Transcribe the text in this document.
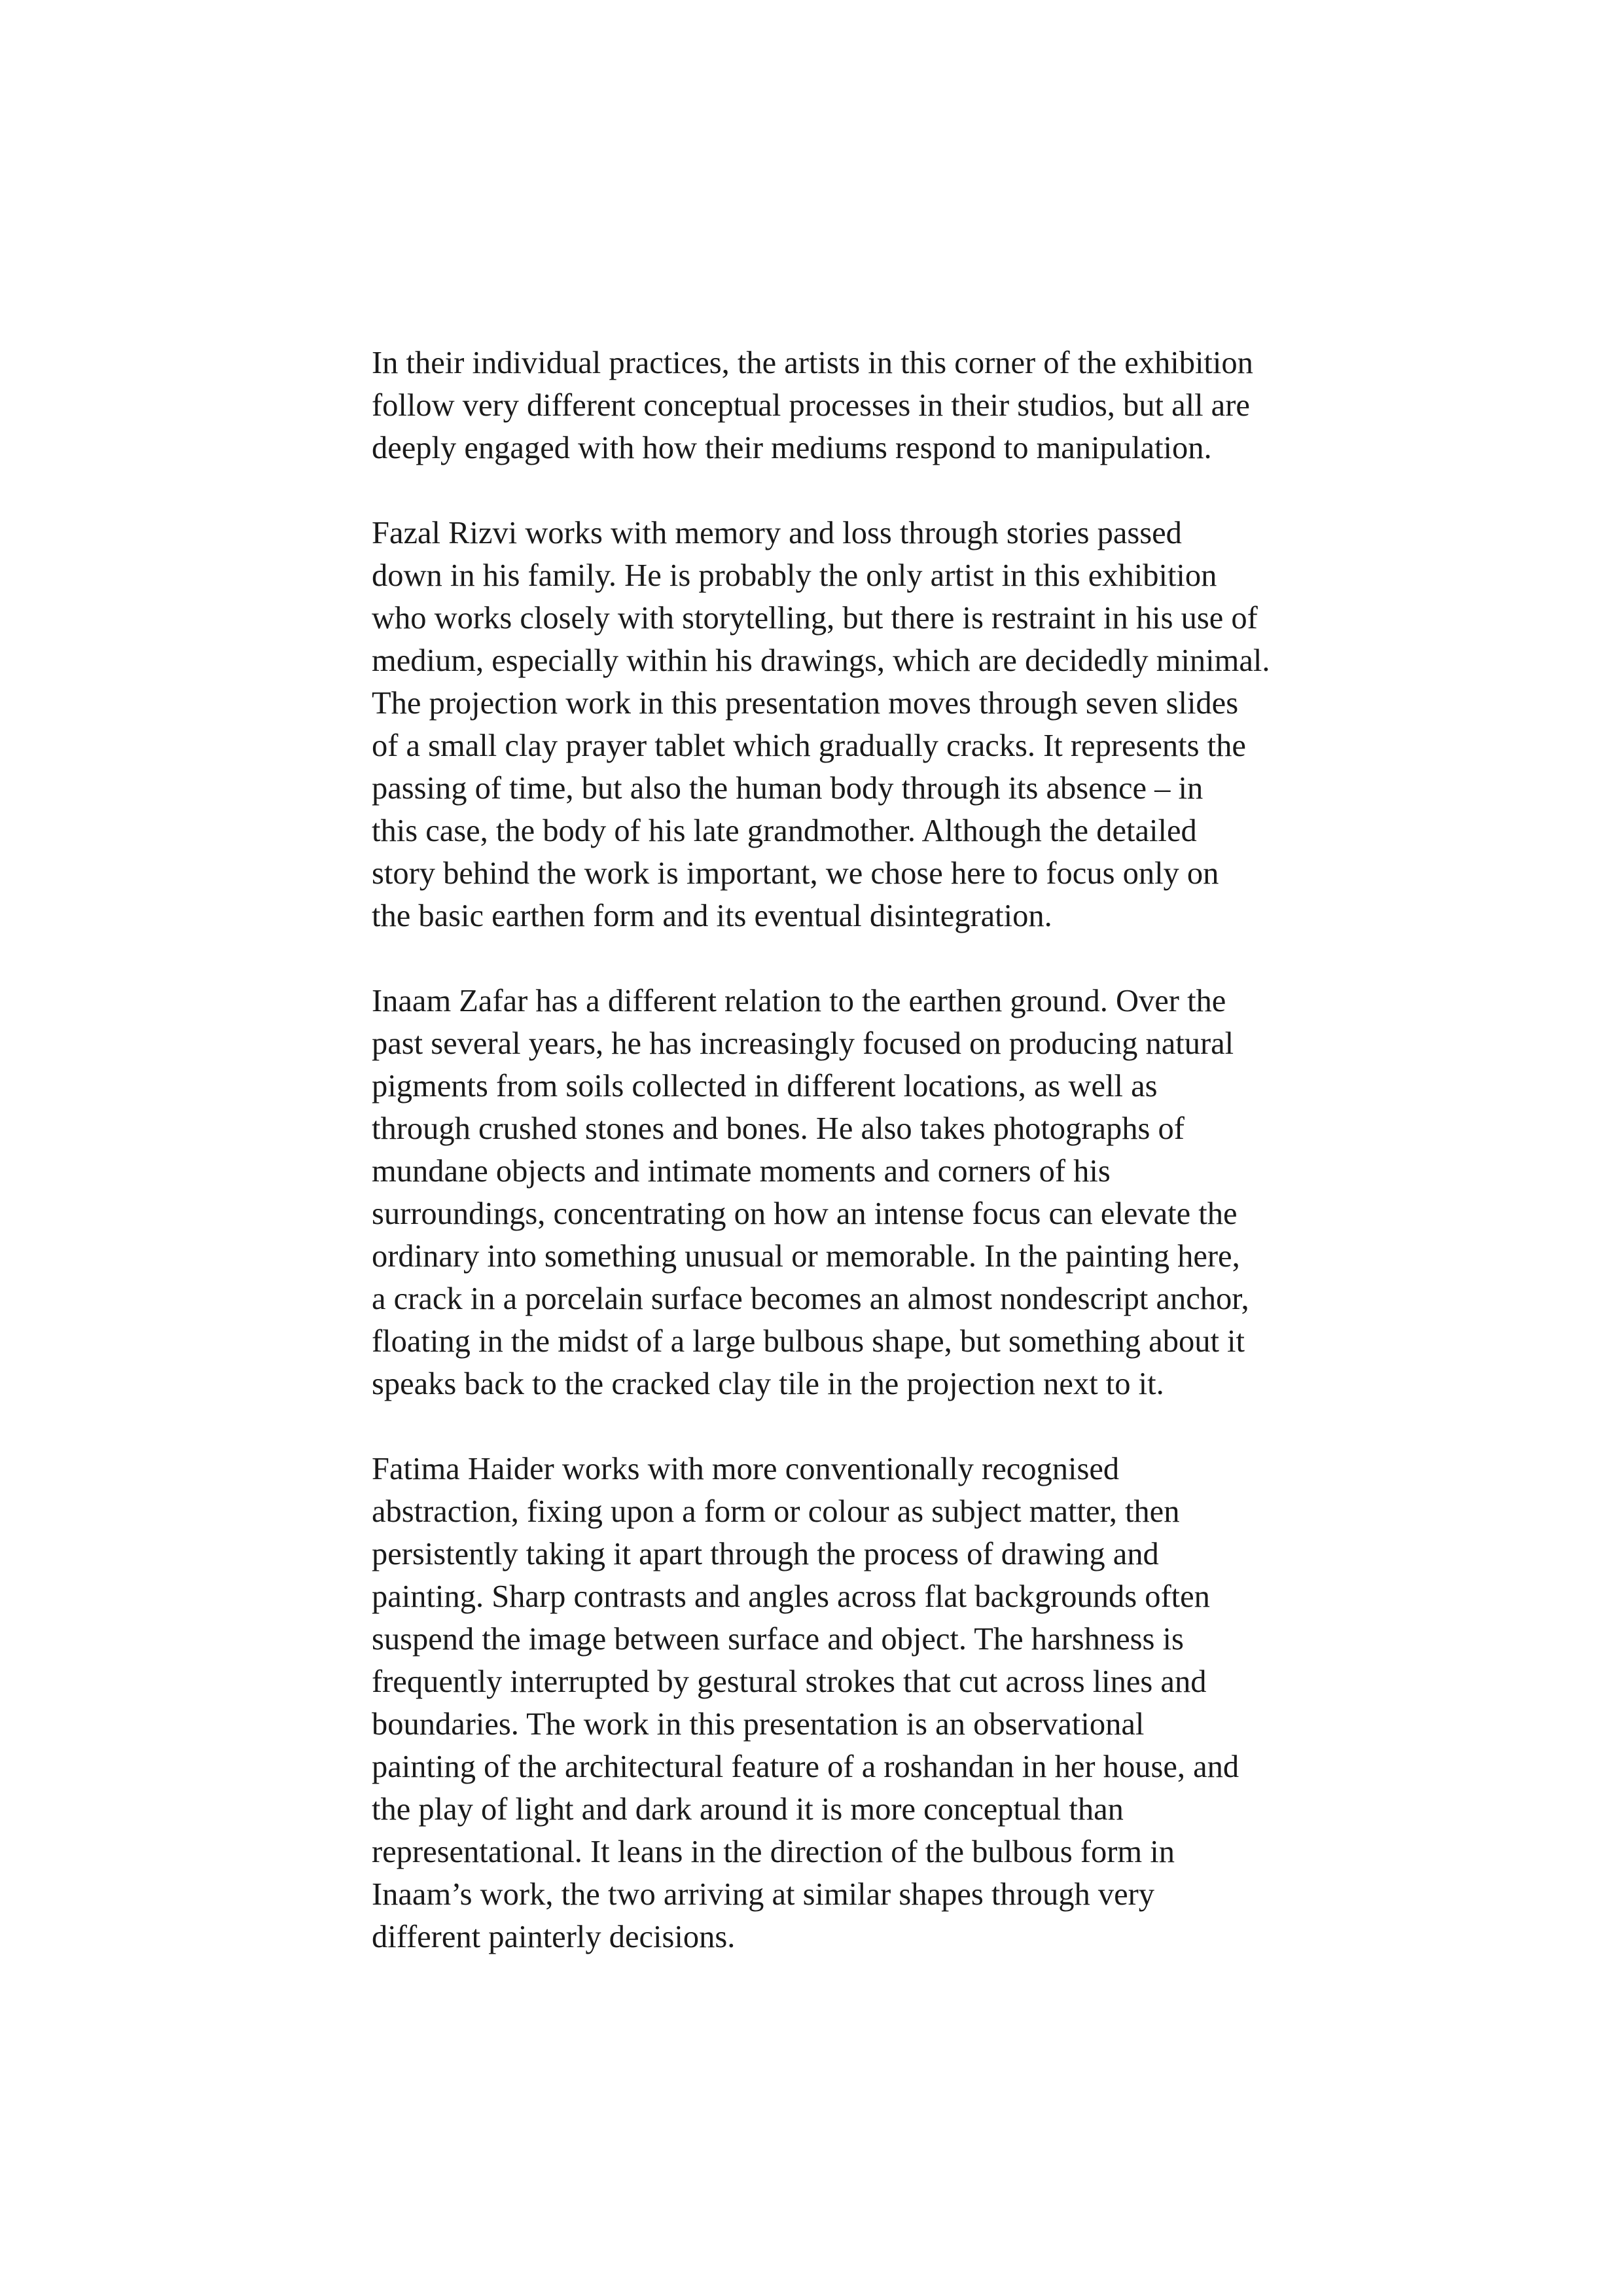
In their individual practices, the artists in this corner of the exhibition
follow very different conceptual processes in their studios, but all are
deeply engaged with how their mediums respond to manipulation.

Fazal Rizvi works with memory and loss through stories passed
down in his family. He is probably the only artist in this exhibition
who works closely with storytelling, but there is restraint in his use of
medium, especially within his drawings, which are decidedly minimal.
The projection work in this presentation moves through seven slides
of a small clay prayer tablet which gradually cracks. It represents the
passing of time, but also the human body through its absence – in
this case, the body of his late grandmother. Although the detailed
story behind the work is important, we chose here to focus only on
the basic earthen form and its eventual disintegration.

Inaam Zafar has a different relation to the earthen ground. Over the
past several years, he has increasingly focused on producing natural
pigments from soils collected in different locations, as well as
through crushed stones and bones. He also takes photographs of
mundane objects and intimate moments and corners of his
surroundings, concentrating on how an intense focus can elevate the
ordinary into something unusual or memorable. In the painting here,
a crack in a porcelain surface becomes an almost nondescript anchor,
floating in the midst of a large bulbous shape, but something about it
speaks back to the cracked clay tile in the projection next to it.

Fatima Haider works with more conventionally recognised
abstraction, fixing upon a form or colour as subject matter, then
persistently taking it apart through the process of drawing and
painting. Sharp contrasts and angles across flat backgrounds often
suspend the image between surface and object. The harshness is
frequently interrupted by gestural strokes that cut across lines and
boundaries. The work in this presentation is an observational
painting of the architectural feature of a roshandan in her house, and
the play of light and dark around it is more conceptual than
representational. It leans in the direction of the bulbous form in
Inaam’s work, the two arriving at similar shapes through very
different painterly decisions.
